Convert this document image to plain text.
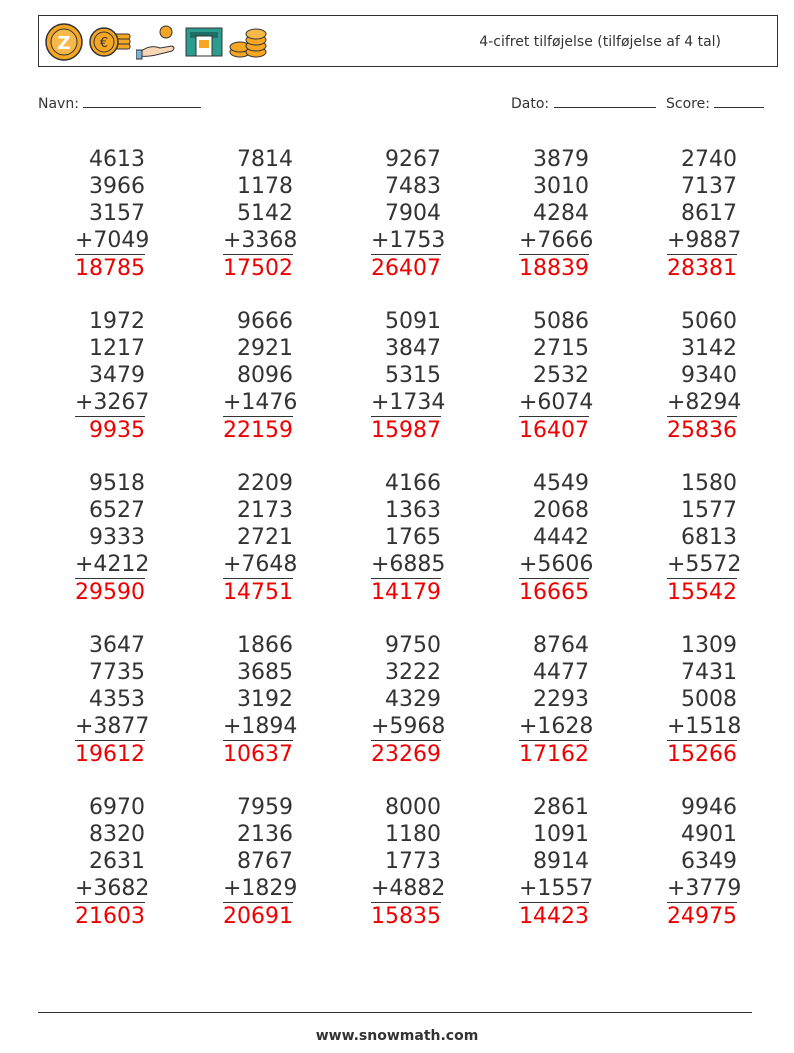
Z €	4-cifret tilføjelse (tilføjelse af 4 tal)
Navn:	Dato:	Score:
4613
3966
3157
+7049
18785
7814
1178
5142
+3368
17502
9267
7483
7904
+1753
26407
3879
3010
4284
+7666
18839
2740
7137
8617
+9887
28381
1972
1217
3479
+3267
9935
9666
2921
8096
+1476
22159
5091
3847
5315
+1734
15987
5086
2715
2532
+6074
16407
5060
3142
9340
+8294
25836
9518
6527
9333
+4212
29590
2209
2173
2721
+7648
14751
4166
1363
1765
+6885
14179
4549
2068
4442
+5606
16665
1580
1577
6813
+5572
15542
3647
7735
4353
+3877
19612
1866
3685
3192
+1894
10637
9750
3222
4329
+5968
23269
8764
4477
2293
+1628
17162
1309
7431
5008
+1518
15266
6970
8320
2631
+3682
21603
7959
2136
8767
+1829
20691
8000
1180
1773
+4882
15835
2861
1091
8914
+1557
14423
9946
4901
6349
+3779
24975
www.snowmath.com
